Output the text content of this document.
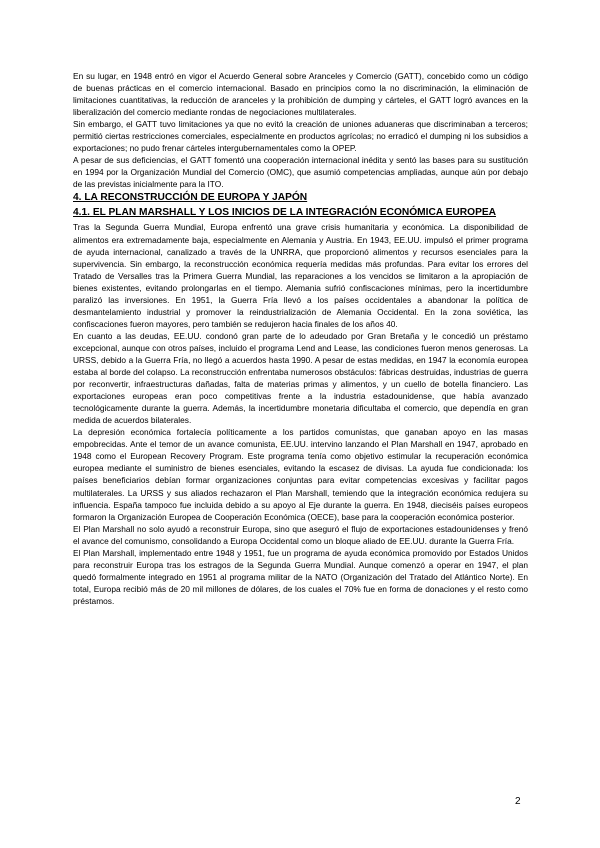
En su lugar, en 1948 entró en vigor el Acuerdo General sobre Aranceles y Comercio (GATT), concebido como un código de buenas prácticas en el comercio internacional. Basado en principios como la no discriminación, la eliminación de limitaciones cuantitativas, la reducción de aranceles y la prohibición de dumping y cárteles, el GATT logró avances en la liberalización del comercio mediante rondas de negociaciones multilaterales.

Sin embargo, el GATT tuvo limitaciones ya que no evitó la creación de uniones aduaneras que discriminaban a terceros; permitió ciertas restricciones comerciales, especialmente en productos agrícolas; no erradicó el dumping ni los subsidios a exportaciones; no pudo frenar cárteles intergubernamentales como la OPEP.

A pesar de sus deficiencias, el GATT fomentó una cooperación internacional inédita y sentó las bases para su sustitución en 1994 por la Organización Mundial del Comercio (OMC), que asumió competencias ampliadas, aunque aún por debajo de las previstas inicialmente para la ITO.

4. LA RECONSTRUCCIÓN DE EUROPA Y JAPÓN
4.1. EL PLAN MARSHALL Y LOS INICIOS DE LA INTEGRACIÓN ECONÓMICA EUROPEA

Tras la Segunda Guerra Mundial, Europa enfrentó una grave crisis humanitaria y económica. La disponibilidad de alimentos era extremadamente baja, especialmente en Alemania y Austria. En 1943, EE.UU. impulsó el primer programa de ayuda internacional, canalizado a través de la UNRRA, que proporcionó alimentos y recursos esenciales para la supervivencia. Sin embargo, la reconstrucción económica requería medidas más profundas. Para evitar los errores del Tratado de Versalles tras la Primera Guerra Mundial, las reparaciones a los vencidos se limitaron a la apropiación de bienes existentes, evitando prolongarlas en el tiempo. Alemania sufrió confiscaciones mínimas, pero la incertidumbre paralizó las inversiones. En 1951, la Guerra Fría llevó a los países occidentales a abandonar la política de desmantelamiento industrial y promover la reindustrialización de Alemania Occidental. En la zona soviética, las confiscaciones fueron mayores, pero también se redujeron hacia finales de los años 40.

En cuanto a las deudas, EE.UU. condonó gran parte de lo adeudado por Gran Bretaña y le concedió un préstamo excepcional, aunque con otros países, incluido el programa Lend and Lease, las condiciones fueron menos generosas. La URSS, debido a la Guerra Fría, no llegó a acuerdos hasta 1990. A pesar de estas medidas, en 1947 la economía europea estaba al borde del colapso. La reconstrucción enfrentaba numerosos obstáculos: fábricas destruidas, industrias de guerra por reconvertir, infraestructuras dañadas, falta de materias primas y alimentos, y un cuello de botella financiero. Las exportaciones europeas eran poco competitivas frente a la industria estadounidense, que había avanzado tecnológicamente durante la guerra. Además, la incertidumbre monetaria dificultaba el comercio, que dependía en gran medida de acuerdos bilaterales.

La depresión económica fortalecía políticamente a los partidos comunistas, que ganaban apoyo en las masas empobrecidas. Ante el temor de un avance comunista, EE.UU. intervino lanzando el Plan Marshall en 1947, aprobado en 1948 como el European Recovery Program. Este programa tenía como objetivo estimular la recuperación económica europea mediante el suministro de bienes esenciales, evitando la escasez de divisas. La ayuda fue condicionada: los países beneficiarios debían formar organizaciones conjuntas para evitar competencias excesivas y facilitar pagos multilaterales. La URSS y sus aliados rechazaron el Plan Marshall, temiendo que la integración económica redujera su influencia. España tampoco fue incluida debido a su apoyo al Eje durante la guerra. En 1948, dieciséis países europeos formaron la Organización Europea de Cooperación Económica (OECE), base para la cooperación económica posterior.

El Plan Marshall no solo ayudó a reconstruir Europa, sino que aseguró el flujo de exportaciones estadounidenses y frenó el avance del comunismo, consolidando a Europa Occidental como un bloque aliado de EE.UU. durante la Guerra Fría.

El Plan Marshall, implementado entre 1948 y 1951, fue un programa de ayuda económica promovido por Estados Unidos para reconstruir Europa tras los estragos de la Segunda Guerra Mundial. Aunque comenzó a operar en 1947, el plan quedó formalmente integrado en 1951 al programa militar de la NATO (Organización del Tratado del Atlántico Norte). En total, Europa recibió más de 20 mil millones de dólares, de los cuales el 70% fue en forma de donaciones y el resto como préstamos.

2
